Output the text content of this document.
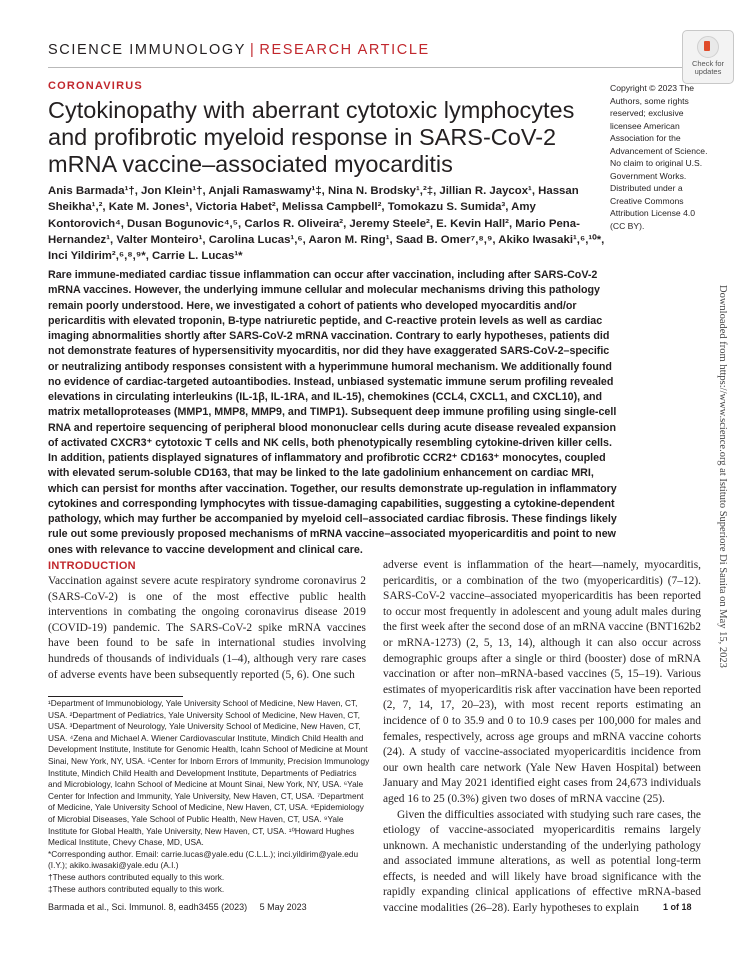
SCIENCE IMMUNOLOGY | RESEARCH ARTICLE
Check for
updates
CORONAVIRUS
Cytokinopathy with aberrant cytotoxic lymphocytes and profibrotic myeloid response in SARS-CoV-2 mRNA vaccine–associated myocarditis

Anis Barmada¹†, Jon Klein¹†, Anjali Ramaswamy¹‡, Nina N. Brodsky¹,²‡, Jillian R. Jaycox¹, Hassan Sheikha¹,², Kate M. Jones¹, Victoria Habet², Melissa Campbell², Tomokazu S. Sumida³, Amy Kontorovich⁴, Dusan Bogunovic⁴,⁵, Carlos R. Oliveira², Jeremy Steele², E. Kevin Hall², Mario Pena-Hernandez¹, Valter Monteiro¹, Carolina Lucas¹,⁶, Aaron M. Ring¹, Saad B. Omer⁷,⁸,⁹, Akiko Iwasaki¹,⁶,¹⁰*, Inci Yildirim²,⁶,⁸,⁹*, Carrie L. Lucas¹*

Copyright © 2023 The Authors, some rights reserved; exclusive licensee American Association for the Advancement of Science. No claim to original U.S. Government Works. Distributed under a Creative Commons Attribution License 4.0 (CC BY).

Rare immune-mediated cardiac tissue inflammation can occur after vaccination, including after SARS-CoV-2 mRNA vaccines. However, the underlying immune cellular and molecular mechanisms driving this pathology remain poorly understood. Here, we investigated a cohort of patients who developed myocarditis and/or pericarditis with elevated troponin, B-type natriuretic peptide, and C-reactive protein levels as well as cardiac imaging abnormalities shortly after SARS-CoV-2 mRNA vaccination. Contrary to early hypotheses, patients did not demonstrate features of hypersensitivity myocarditis, nor did they have exaggerated SARS-CoV-2–specific or neutralizing antibody responses consistent with a hyperimmune humoral mechanism. We additionally found no evidence of cardiac-targeted autoantibodies. Instead, unbiased systematic immune serum profiling revealed elevations in circulating interleukins (IL-1β, IL-1RA, and IL-15), chemokines (CCL4, CXCL1, and CXCL10), and matrix metalloproteases (MMP1, MMP8, MMP9, and TIMP1). Subsequent deep immune profiling using single-cell RNA and repertoire sequencing of peripheral blood mononuclear cells during acute disease revealed expansion of activated CXCR3⁺ cytotoxic T cells and NK cells, both phenotypically resembling cytokine-driven killer cells. In addition, patients displayed signatures of inflammatory and profibrotic CCR2⁺ CD163⁺ monocytes, coupled with elevated serum-soluble CD163, that may be linked to the late gadolinium enhancement on cardiac MRI, which can persist for months after vaccination. Together, our results demonstrate up-regulation in inflammatory cytokines and corresponding lymphocytes with tissue-damaging capabilities, suggesting a cytokine-dependent pathology, which may further be accompanied by myeloid cell–associated cardiac fibrosis. These findings likely rule out some previously proposed mechanisms of mRNA vaccine–associated myopericarditis and point to new ones with relevance to vaccine development and clinical care.	Downloaded from https://www.science.org at Istituto Superiore Di Sanita on May 15, 2023
INTRODUCTION

Vaccination against severe acute respiratory syndrome coronavirus 2 (SARS-CoV-2) is one of the most effective public health interventions in combating the ongoing coronavirus disease 2019 (COVID-19) pandemic. The SARS-CoV-2 spike mRNA vaccines have been found to be safe in international studies involving hundreds of thousands of individuals (1–4), although very rare cases of adverse events have been subsequently reported (5, 6). One such

adverse event is inflammation of the heart—namely, myocarditis, pericarditis, or a combination of the two (myopericarditis) (7–12). SARS-CoV-2 vaccine–associated myopericarditis has been reported to occur most frequently in adolescent and young adult males during the first week after the second dose of an mRNA vaccine (BNT162b2 or mRNA-1273) (2, 5, 13, 14), although it can also occur across demographic groups after a single or third (booster) dose of mRNA vaccination or after non–mRNA-based vaccines (5, 15–19). Various estimates of myopericarditis risk after vaccination have been reported (2, 7, 14, 17, 20–23), with most recent reports estimating an incidence of 0 to 35.9 and 0 to 10.9 cases per 100,000 for males and females, respectively, across age groups and mRNA vaccine cohorts (24). A study of vaccine-associated myopericarditis incidence from our own health care network (Yale New Haven Hospital) between January and May 2021 identified eight cases from 24,673 individuals aged 16 to 25 (0.3%) given two doses of mRNA vaccine (25).

Given the difficulties associated with studying such rare cases, the etiology of vaccine-associated myopericarditis remains largely unknown. A mechanistic understanding of the underlying pathology and associated immune alterations, as well as potential long-term effects, is needed and will likely have broad significance with the rapidly expanding clinical applications of effective mRNA-based vaccine modalities (26–28). Early hypotheses to explain

¹Department of Immunobiology, Yale University School of Medicine, New Haven, CT, USA. ²Department of Pediatrics, Yale University School of Medicine, New Haven, CT, USA. ³Department of Neurology, Yale University School of Medicine, New Haven, CT, USA. ⁴Zena and Michael A. Wiener Cardiovascular Institute, Mindich Child Health and Development Institute, Institute for Genomic Health, Icahn School of Medicine at Mount Sinai, New York, NY, USA. ⁵Center for Inborn Errors of Immunity, Precision Immunology Institute, Mindich Child Health and Development Institute, Departments of Pediatrics and Microbiology, Icahn School of Medicine at Mount Sinai, New York, NY, USA. ⁶Yale Center for Infection and Immunity, Yale University, New Haven, CT, USA. ⁷Department of Medicine, Yale University School of Medicine, New Haven, CT, USA. ⁸Epidemiology of Microbial Diseases, Yale School of Public Health, New Haven, CT, USA. ⁹Yale Institute for Global Health, Yale University, New Haven, CT, USA. ¹⁰Howard Hughes Medical Institute, Chevy Chase, MD, USA.
*Corresponding author. Email: carrie.lucas@yale.edu (C.L.L.); inci.yildirim@yale.edu (I.Y.); akiko.iwasaki@yale.edu (A.I.)
†These authors contributed equally to this work.
‡These authors contributed equally to this work.
Barmada et al., Sci. Immunol. 8, eadh3455 (2023)     5 May 2023	1 of 18
